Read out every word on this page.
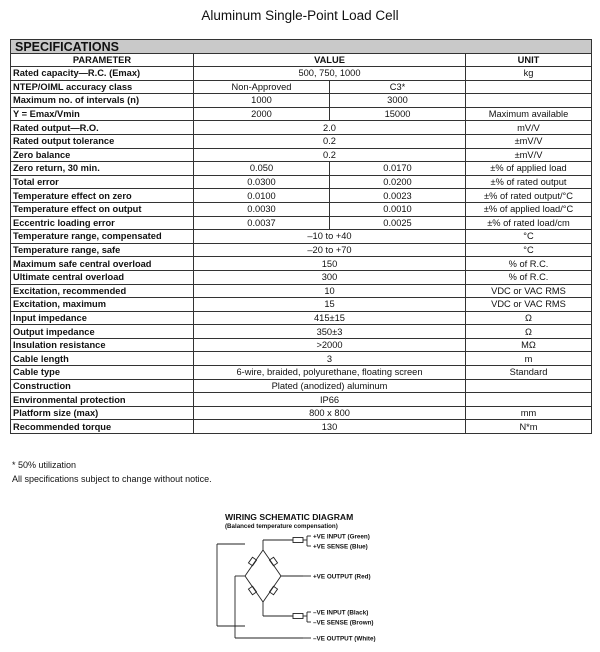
Aluminum Single-Point Load Cell
SPECIFICATIONS			
PARAMETER	VALUE		UNIT
Rated capacity—R.C. (Emax)	500, 750, 1000		kg
NTEP/OIML accuracy class	Non-Approved	C3*	
Maximum no. of intervals (n)	1000	3000	
Y = Emax/Vmin	2000	15000	Maximum available
Rated output—R.O.	2.0		mV/V
Rated output tolerance	0.2		±mV/V
Zero balance	0.2		±mV/V
Zero return, 30 min.	0.050	0.0170	±% of applied load
Total error	0.0300	0.0200	±% of rated output
Temperature effect on zero	0.0100	0.0023	±% of rated output/°C
Temperature effect on output	0.0030	0.0010	±% of applied load/°C
Eccentric loading error	0.0037	0.0025	±% of rated load/cm
Temperature range, compensated	–10 to +40		°C
Temperature range, safe	–20 to +70		°C
Maximum safe central overload	150		% of R.C.
Ultimate central overload	300		% of R.C.
Excitation, recommended	10		VDC or VAC RMS
Excitation, maximum	15		VDC or VAC RMS
Input impedance	415±15		Ω
Output impedance	350±3		Ω
Insulation resistance	>2000		MΩ
Cable length	3		m
Cable type	6-wire, braided, polyurethane, floating screen		Standard
Construction	Plated (anodized) aluminum		
Environmental protection	IP66		
Platform size (max)	800 x 800		mm
Recommended torque	130		N*m
* 50% utilization
All specifications subject to change without notice.
WIRING SCHEMATIC DIAGRAM
(Balanced temperature compensation)
+VE INPUT (Green)
+VE SENSE (Blue)
+VE OUTPUT (Red)
–VE INPUT (Black)
–VE SENSE (Brown)
–VE OUTPUT (White)
